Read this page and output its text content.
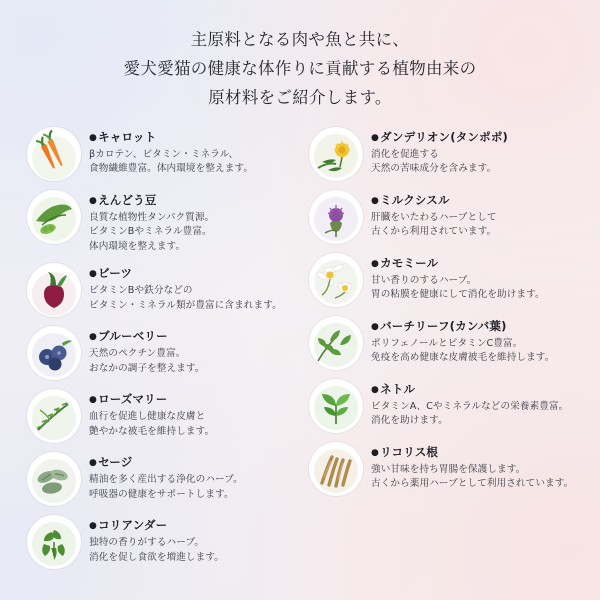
主原料となる肉や魚と共に、
愛犬愛猫の健康な体作りに貢献する植物由来の
原材料をご紹介します。
●キャロット
βカロテン、ビタミン・ミネラル、
食物繊維豊富。体内環境を整えます。
●えんどう豆
良質な植物性タンパク質源。
ビタミンBやミネラル豊富。
体内環境を整えます。
●ビーツ
ビタミンBや鉄分などの
ビタミン・ミネラル類が豊富に含まれます。
●ブルーベリー
天然のペクチン豊富。
おなかの調子を整えます。
●ローズマリー
血行を促進し健康な皮膚と
艶やかな被毛を維持します。
●セージ
精油を多く産出する浄化のハーブ。
呼吸器の健康をサポートします。
●コリアンダー
独特の香りがするハーブ。
消化を促し食欲を増進します。
●ダンデリオン(タンポポ)
消化を促進する
天然の苦味成分を含みます。
●ミルクシスル
肝臓をいたわるハーブとして
古くから利用されています。
●カモミール
甘い香りのするハーブ。
胃の粘膜を健康にして消化を助けます。
●バーチリーフ(カンバ葉)
ポリフェノールとビタミンC豊富。
免疫を高め健康な皮膚被毛を維持します。
●ネトル
ビタミンA、Cやミネラルなどの栄養素豊富。
消化を助けます。
●リコリス根
強い甘味を持ち胃腸を保護します。
古くから薬用ハーブとして利用されています。
